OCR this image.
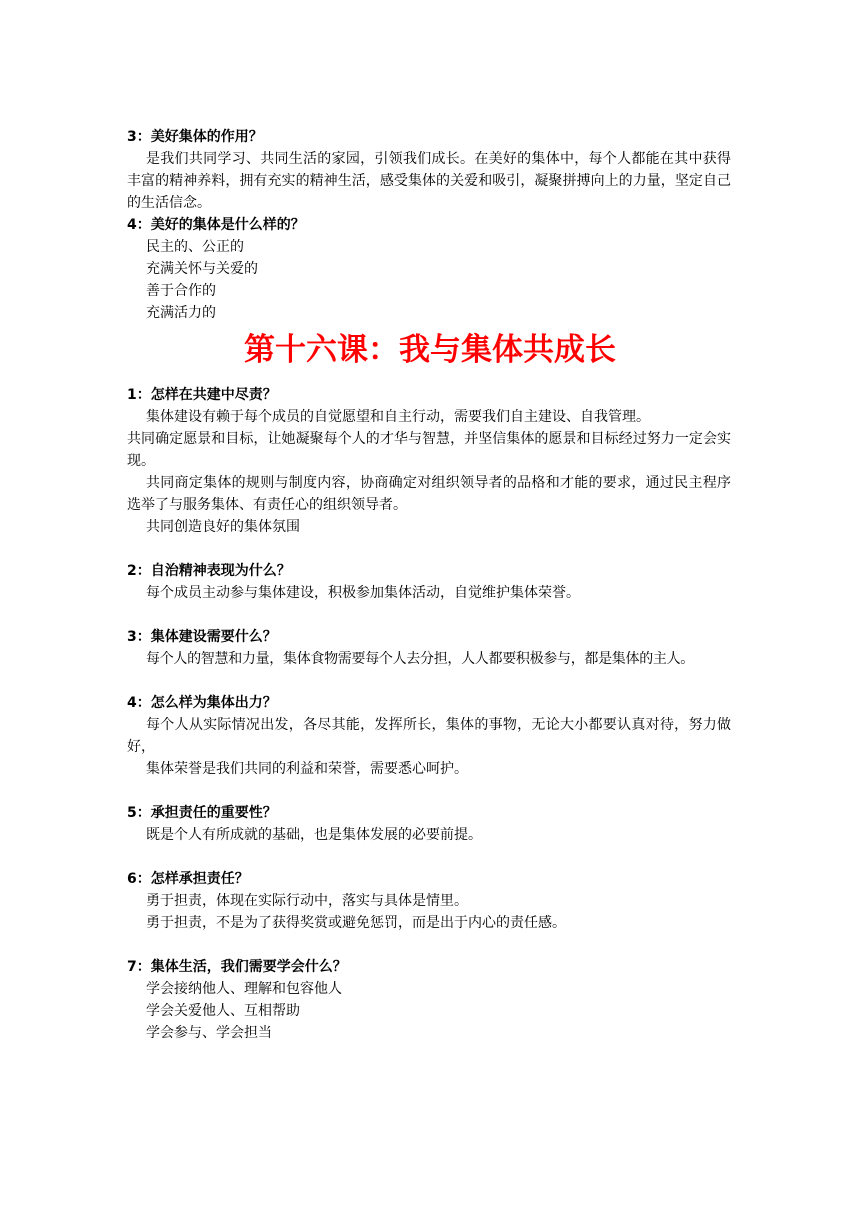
3：美好集体的作用？
是我们共同学习、共同生活的家园，引领我们成长。在美好的集体中，每个人都能在其中获得丰富的精神养料，拥有充实的精神生活，感受集体的关爱和吸引，凝聚拼搏向上的力量，坚定自己的生活信念。
4：美好的集体是什么样的？
民主的、公正的
充满关怀与关爱的
善于合作的
充满活力的
第十六课：我与集体共成长
1：怎样在共建中尽责？
集体建设有赖于每个成员的自觉愿望和自主行动，需要我们自主建设、自我管理。
共同确定愿景和目标，让她凝聚每个人的才华与智慧，并坚信集体的愿景和目标经过努力一定会实现。
共同商定集体的规则与制度内容，协商确定对组织领导者的品格和才能的要求，通过民主程序选举了与服务集体、有责任心的组织领导者。
共同创造良好的集体氛围
2：自治精神表现为什么？
每个成员主动参与集体建设，积极参加集体活动，自觉维护集体荣誉。
3：集体建设需要什么？
每个人的智慧和力量，集体食物需要每个人去分担，人人都要积极参与，都是集体的主人。
4：怎么样为集体出力？
每个人从实际情况出发，各尽其能，发挥所长，集体的事物，无论大小都要认真对待，努力做好，
集体荣誉是我们共同的利益和荣誉，需要悉心呵护。
5：承担责任的重要性？
既是个人有所成就的基础，也是集体发展的必要前提。
6：怎样承担责任？
勇于担责，体现在实际行动中，落实与具体是情里。
勇于担责，不是为了获得奖赏或避免惩罚，而是出于内心的责任感。
7：集体生活，我们需要学会什么？
学会接纳他人、理解和包容他人
学会关爱他人、互相帮助
学会参与、学会担当
